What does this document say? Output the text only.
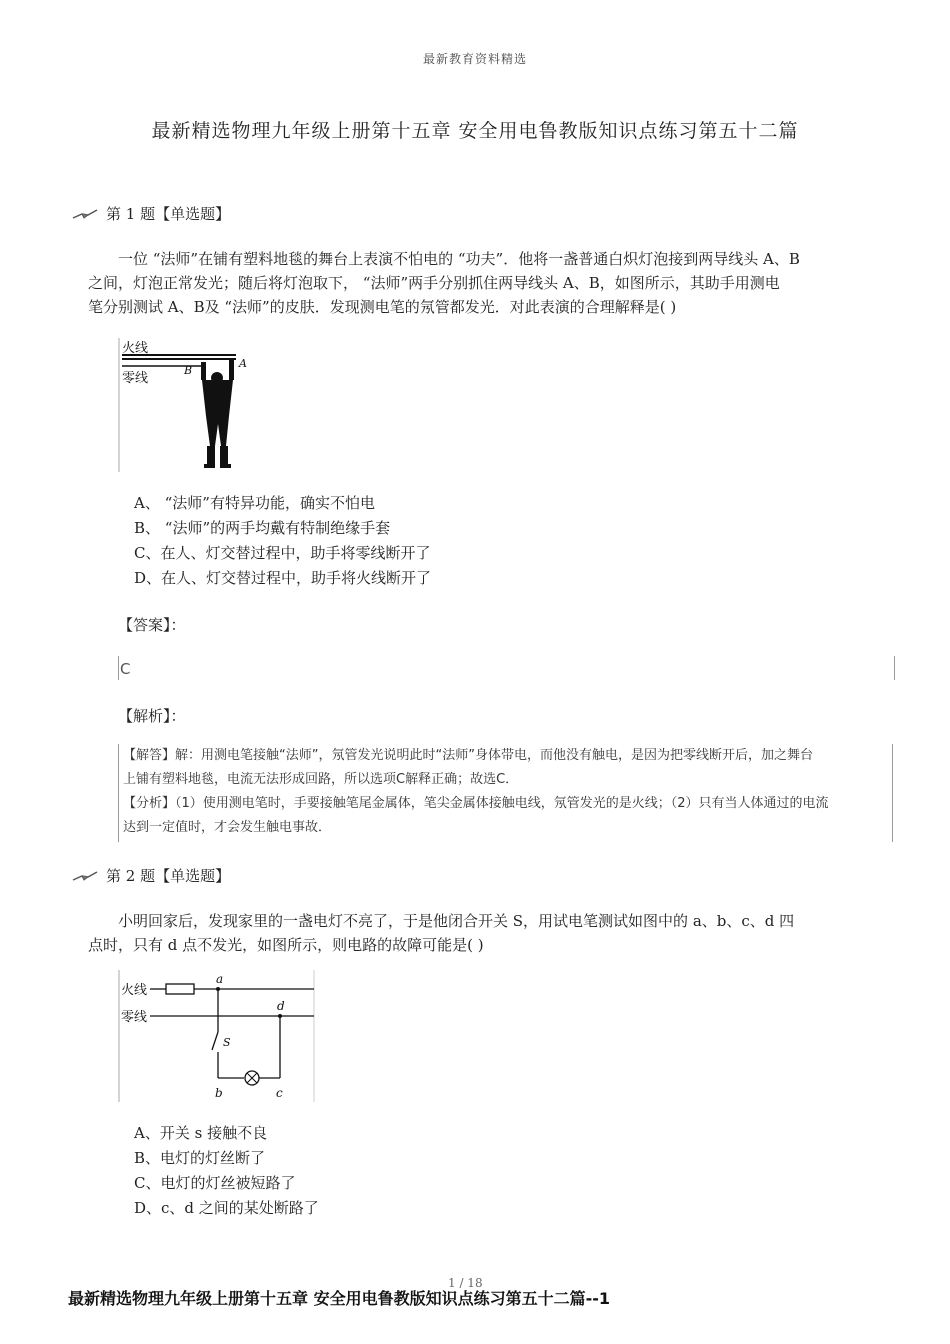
最新教育资料精选
最新精选物理九年级上册第十五章 安全用电鲁教版知识点练习第五十二篇
第 1 题【单选题】
一位 “法师”在铺有塑料地毯的舞台上表演不怕电的 “功夫”．他将一盏普通白炽灯泡接到两导线头 A、B
之间，灯泡正常发光；随后将灯泡取下， “法师”两手分别抓住两导线头 A、B，如图所示，其助手用测电
笔分别测试 A、B及 “法师”的皮肤．发现测电笔的氖管都发光．对此表演的合理解释是( )
火线
A
零线
B
A、 “法师”有特异功能，确实不怕电
B、 “法师”的两手均戴有特制绝缘手套
C、在人、灯交替过程中，助手将零线断开了
D、在人、灯交替过程中，助手将火线断开了
【答案】：
C
【解析】：

【解答】解：用测电笔接触“法师”，氖管发光说明此时“法师”身体带电，而他没有触电，是因为把零线断开后，加之舞台

上铺有塑料地毯，电流无法形成回路，所以选项C解释正确；故选C．

【分析】（1）使用测电笔时，手要接触笔尾金属体，笔尖金属体接触电线，氖管发光的是火线；（2）只有当人体通过的电流

达到一定值时，才会发生触电事故．

第 2 题【单选题】
小明回家后，发现家里的一盏电灯不亮了，于是他闭合开关 S，用试电笔测试如图中的 a、b、c、d 四
点时，只有 d 点不发光，如图所示，则电路的故障可能是( )
火线
零线
a
S
d
b	c
A、开关 s 接触不良
B、电灯的灯丝断了
C、电灯的灯丝被短路了
D、c、d 之间的某处断路了
1 / 18
最新精选物理九年级上册第十五章 安全用电鲁教版知识点练习第五十二篇--1
